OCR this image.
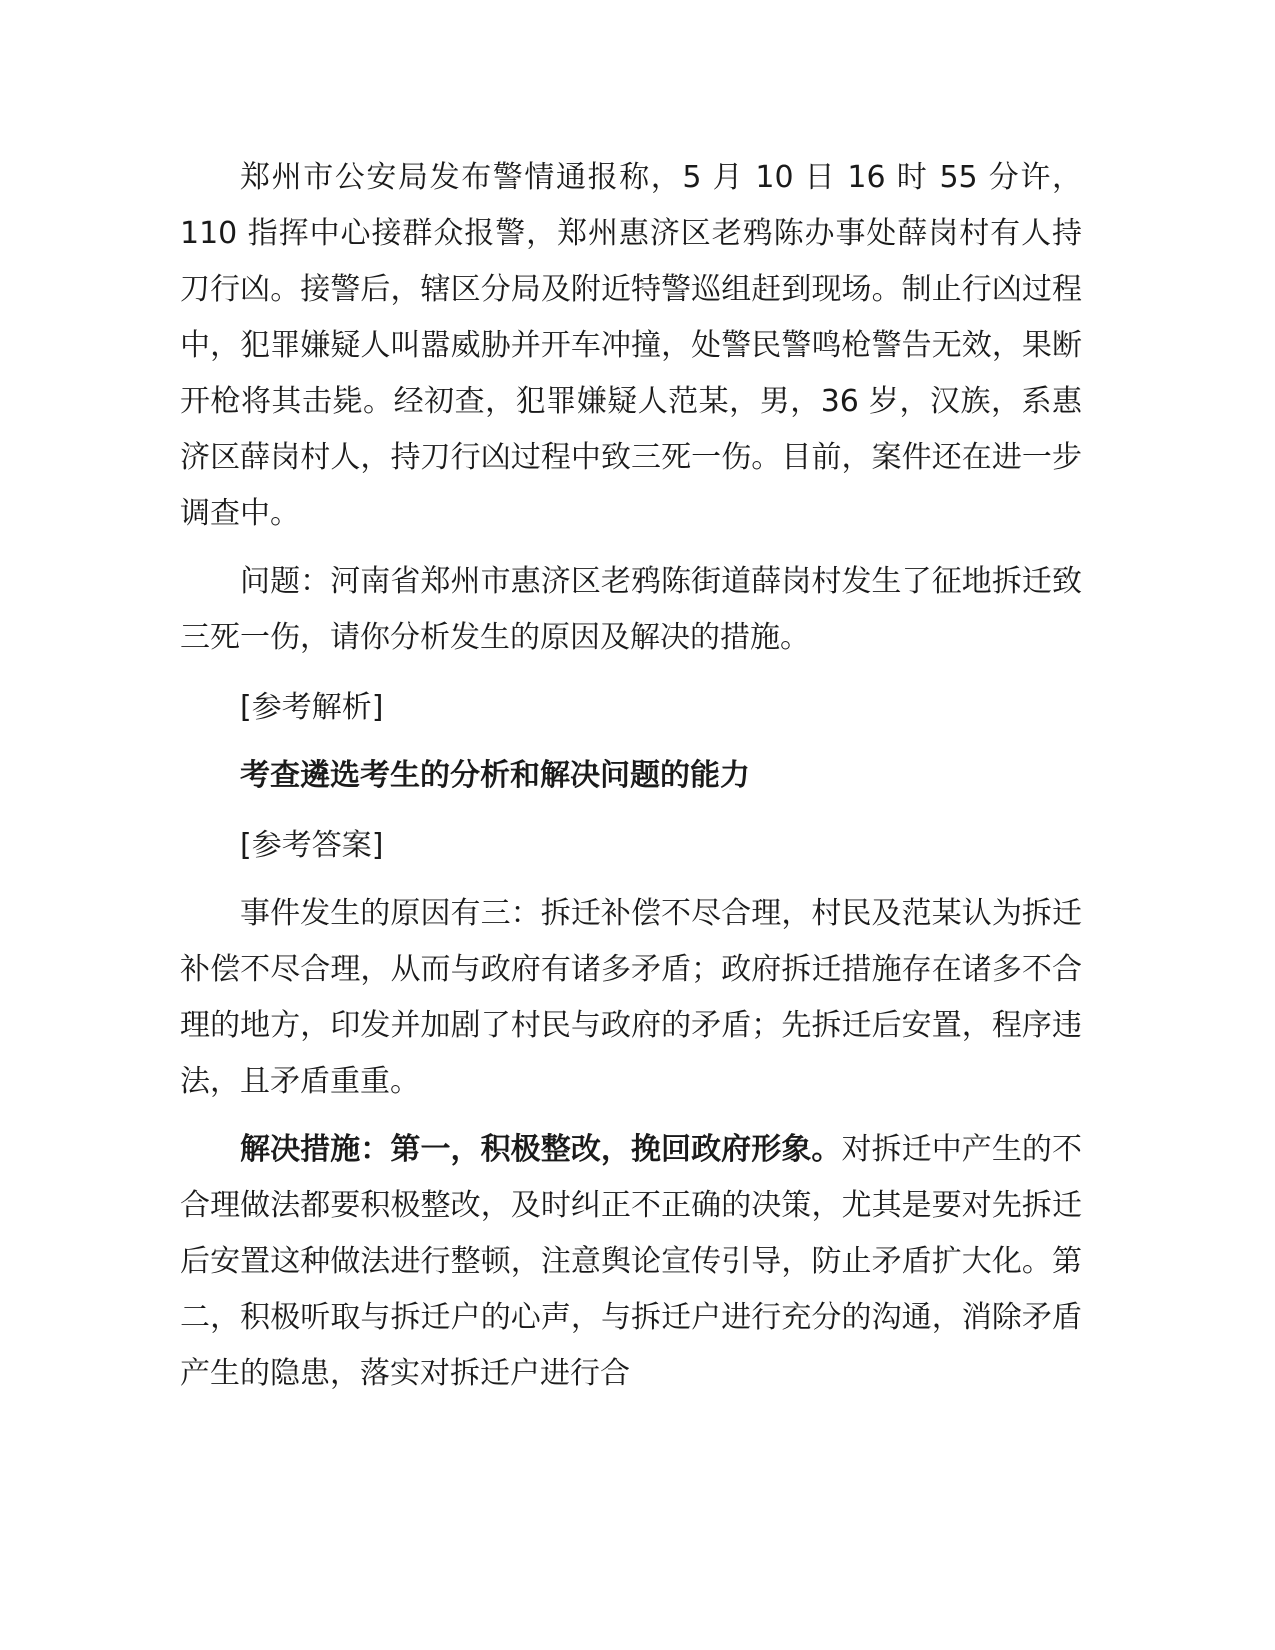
郑州市公安局发布警情通报称，5 月 10 日 16 时 55 分许，110 指挥中心接群众报警，郑州惠济区老鸦陈办事处薛岗村有人持刀行凶。接警后，辖区分局及附近特警巡组赶到现场。制止行凶过程中，犯罪嫌疑人叫嚣威胁并开车冲撞，处警民警鸣枪警告无效，果断开枪将其击毙。经初查，犯罪嫌疑人范某，男，36 岁，汉族，系惠济区薛岗村人，持刀行凶过程中致三死一伤。目前，案件还在进一步调查中。

问题：河南省郑州市惠济区老鸦陈街道薛岗村发生了征地拆迁致三死一伤，请你分析发生的原因及解决的措施。

[参考解析]

考查遴选考生的分析和解决问题的能力

[参考答案]

事件发生的原因有三：拆迁补偿不尽合理，村民及范某认为拆迁补偿不尽合理，从而与政府有诸多矛盾；政府拆迁措施存在诸多不合理的地方，印发并加剧了村民与政府的矛盾；先拆迁后安置，程序违法，且矛盾重重。

解决措施：第一，积极整改，挽回政府形象。对拆迁中产生的不合理做法都要积极整改，及时纠正不正确的决策，尤其是要对先拆迁后安置这种做法进行整顿，注意舆论宣传引导，防止矛盾扩大化。第二，积极听取与拆迁户的心声，与拆迁户进行充分的沟通，消除矛盾产生的隐患，落实对拆迁户进行合
